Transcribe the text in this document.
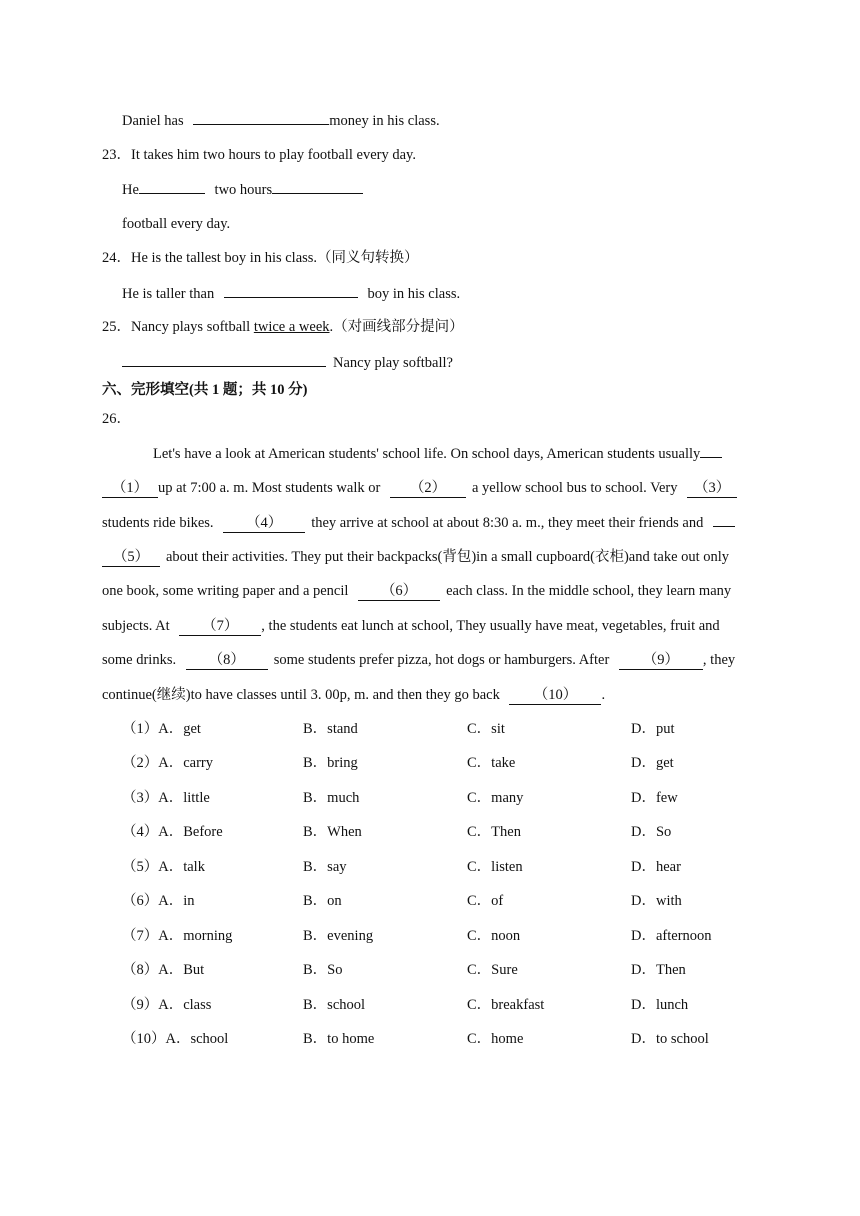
Daniel has	money in his class.
23．It takes him two hours to play football every day.
He	two hours
football every day.
24．He is the tallest boy in his class.（同义句转换）
He is taller than	boy in his class.
25．Nancy plays softball twice a week.（对画线部分提问）
Nancy play softball?
六、完形填空(共 1 题；共 10 分)
26．
Let's have a look at American students' school life. On school days, American students usually
（1） up at 7:00 a. m. Most students walk or （2） a yellow school bus to school. Very （3）
students ride bikes. （4） they arrive at school at about 8:30 a. m., they meet their friends and
（5） about their activities. They put their backpacks(背包)in a small cupboard(衣柜)and take out only
one book, some writing paper and a pencil （6） each class. In the middle school, they learn many
subjects. At （7） , the students eat lunch at school, They usually have meat, vegetables, fruit and
some drinks. （8） some students prefer pizza, hot dogs or hamburgers. After （9） , they
continue(继续)to have classes until 3. 00p, m. and then they go back （10） .
（1）A．get	B．stand	C．sit	D．put
（2）A．carry	B．bring	C．take	D．get
（3）A．little	B．much	C．many	D．few
（4）A．Before	B．When	C．Then	D．So
（5）A．talk	B．say	C．listen	D．hear
（6）A．in	B．on	C．of	D．with
（7）A．morning	B．evening	C．noon	D．afternoon
（8）A．But	B．So	C．Sure	D．Then
（9）A．class	B．school	C．breakfast	D．lunch
（10）A．school	B．to home	C．home	D．to school
